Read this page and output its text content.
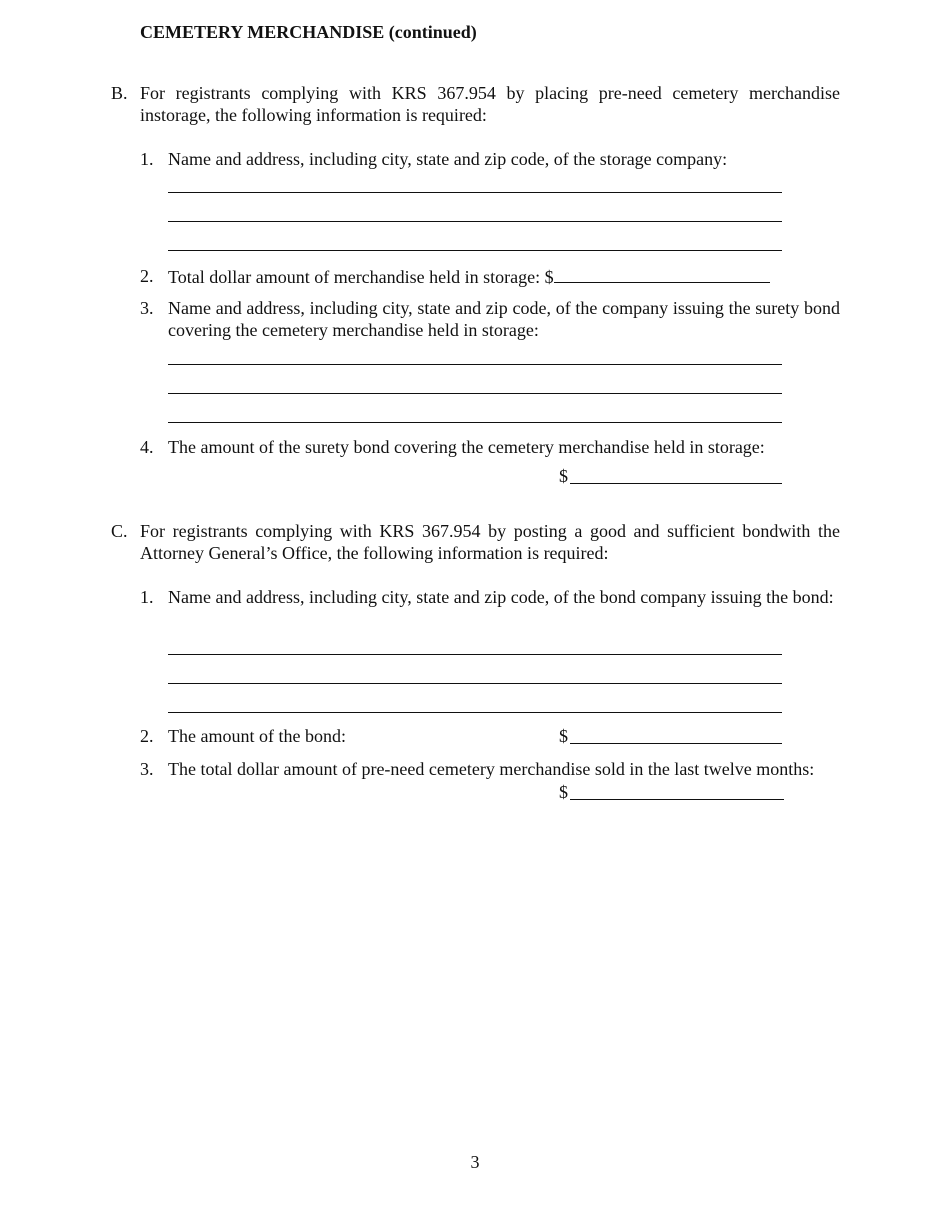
CEMETERY MERCHANDISE (continued)
B. For registrants complying with KRS 367.954 by placing pre-need cemetery merchandise instorage, the following information is required:
1. Name and address, including city, state and zip code, of the storage company:
2. Total dollar amount of merchandise held in storage: $
3. Name and address, including city, state and zip code, of the company issuing the surety bond covering the cemetery merchandise held in storage:
4. The amount of the surety bond covering the cemetery merchandise held in storage:
$
C. For registrants complying with KRS 367.954 by posting a good and sufficient bondwith the Attorney General’s Office, the following information is required:
1. Name and address, including city, state and zip code, of the bond company issuing the bond:
2. The amount of the bond:	$
3. The total dollar amount of pre-need cemetery merchandise sold in the last twelve months:
$
3
